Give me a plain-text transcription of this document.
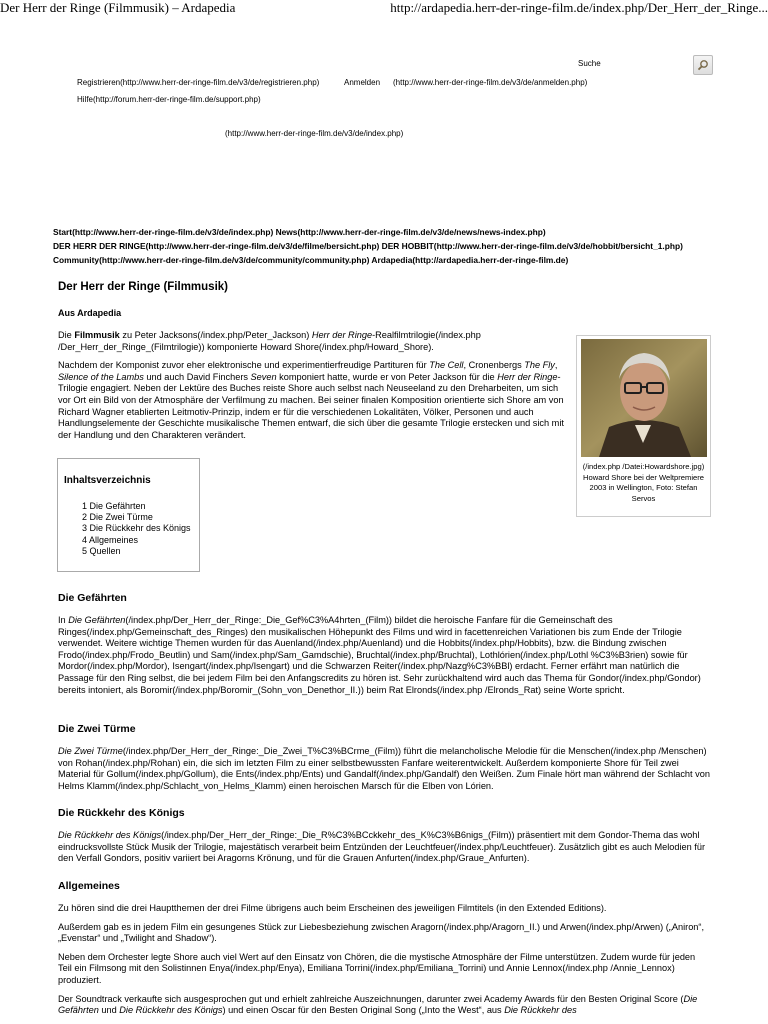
Der Herr der Ringe (Filmmusik) – Ardapedia	http://ardapedia.herr-der-ringe-film.de/index.php/Der_Herr_der_Ringe...
Suche
Registrieren(http://www.herr-der-ringe-film.de/v3/de/registrieren.php)	Anmelden (http://www.herr-der-ringe-film.de/v3/de/anmelden.php)
Hilfe(http://forum.herr-der-ringe-film.de/support.php)
(http://www.herr-der-ringe-film.de/v3/de/index.php)
Start(http://www.herr-der-ringe-film.de/v3/de/index.php) News(http://www.herr-der-ringe-film.de/v3/de/news/news-index.php)
DER HERR DER RINGE(http://www.herr-der-ringe-film.de/v3/de/filme/bersicht.php) DER HOBBIT(http://www.herr-der-ringe-film.de/v3/de/hobbit/bersicht_1.php)
Community(http://www.herr-der-ringe-film.de/v3/de/community/community.php) Ardapedia(http://ardapedia.herr-der-ringe-film.de)
Der Herr der Ringe (Filmmusik)
Aus Ardapedia

Die Filmmusik zu Peter Jacksons(/index.php/Peter_Jackson) Herr der Ringe-Realfilmtrilogie(/index.php /Der_Herr_der_Ringe_(Filmtrilogie)) komponierte Howard Shore(/index.php/Howard_Shore).

Nachdem der Komponist zuvor eher elektronische und experimentierfreudige Partituren für The Cell, Cronenbergs The Fly, Silence of the Lambs und auch David Finchers Seven komponiert hatte, wurde er von Peter Jackson für die Herr der Ringe-Trilogie engagiert. Neben der Lektüre des Buches reiste Shore auch selbst nach Neuseeland zu den Dreharbeiten, um sich vor Ort ein Bild von der Atmosphäre der Verfilmung zu machen. Bei seiner finalen Komposition orientierte sich Shore am von Richard Wagner etablierten Leitmotiv-Prinzip, indem er für die verschiedenen Lokalitäten, Völker, Personen und auch Handlungselemente der Geschichte musikalische Themen entwarf, die sich über die gesamte Trilogie erstecken und sich mit der Handlung und den Charakteren verändert.

(/index.php /Datei:Howardshore.jpg)
Howard Shore bei der Weltpremiere 2003 in Wellington, Foto: Stefan Servos
Inhaltsverzeichnis
1 Die Gefährten
2 Die Zwei Türme
3 Die Rückkehr des Königs
4 Allgemeines
5 Quellen
Die Gefährten

In Die Gefährten(/index.php/Der_Herr_der_Ringe:_Die_Gef%C3%A4hrten_(Film)) bildet die heroische Fanfare für die Gemeinschaft des Ringes(/index.php/Gemeinschaft_des_Ringes) den musikalischen Höhepunkt des Films und wird in facettenreichen Variationen bis zum Ende der Trilogie verwendet. Weitere wichtige Themen wurden für das Auenland(/index.php/Auenland) und die Hobbits(/index.php/Hobbits), bzw. die Bindung zwischen Frodo(/index.php/Frodo_Beutlin) und Sam(/index.php/Sam_Gamdschie), Bruchtal(/index.php/Bruchtal), Lothlórien(/index.php/Lothl %C3%B3rien) sowie für Mordor(/index.php/Mordor), Isengart(/index.php/Isengart) und die Schwarzen Reiter(/index.php/Nazg%C3%BBl) erdacht. Ferner erfährt man natürlich die Passage für den Ring selbst, die bei jedem Film bei den Anfangscredits zu hören ist. Sehr zurückhaltend wird auch das Thema für Gondor(/index.php/Gondor) bereits intoniert, als Boromir(/index.php/Boromir_(Sohn_von_Denethor_II.)) beim Rat Elronds(/index.php /Elronds_Rat) seine Worte spricht.

Die Zwei Türme

Die Zwei Türme(/index.php/Der_Herr_der_Ringe:_Die_Zwei_T%C3%BCrme_(Film)) führt die melancholische Melodie für die Menschen(/index.php /Menschen) von Rohan(/index.php/Rohan) ein, die sich im letzten Film zu einer selbstbewussten Fanfare weiterentwickelt. Außerdem komponierte Shore für Teil zwei Material für Gollum(/index.php/Gollum), die Ents(/index.php/Ents) und Gandalf(/index.php/Gandalf) den Weißen. Zum Finale hört man während der Schlacht von Helms Klamm(/index.php/Schlacht_von_Helms_Klamm) einen heroischen Marsch für die Elben von Lórien.

Die Rückkehr des Königs

Die Rückkehr des Königs(/index.php/Der_Herr_der_Ringe:_Die_R%C3%BCckkehr_des_K%C3%B6nigs_(Film)) präsentiert mit dem Gondor-Thema das wohl eindrucksvollste Stück Musik der Trilogie, majestätisch verarbeit beim Entzünden der Leuchtfeuer(/index.php/Leuchtfeuer). Zusätzlich gibt es auch Melodien für den Verfall Gondors, positiv variiert bei Aragorns Krönung, und für die Grauen Anfurten(/index.php/Graue_Anfurten).

Allgemeines

Zu hören sind die drei Hauptthemen der drei Filme übrigens auch beim Erscheinen des jeweiligen Filmtitels (in den Extended Editions).

Außerdem gab es in jedem Film ein gesungenes Stück zur Liebesbeziehung zwischen Aragorn(/index.php/Aragorn_II.) und Arwen(/index.php/Arwen) („Aniron“, „Evenstar“ und „Twilight and Shadow“).

Neben dem Orchester legte Shore auch viel Wert auf den Einsatz von Chören, die die mystische Atmosphäre der Filme unterstützen. Zudem wurde für jeden Teil ein Filmsong mit den Solistinnen Enya(/index.php/Enya), Emiliana Torrini(/index.php/Emiliana_Torrini) und Annie Lennox(/index.php /Annie_Lennox) produziert.

Der Soundtrack verkaufte sich ausgesprochen gut und erhielt zahlreiche Auszeichnungen, darunter zwei Academy Awards für den Besten Original Score (Die Gefährten und Die Rückkehr des Königs) und einen Oscar für den Besten Original Song („Into the West“, aus Die Rückkehr des
